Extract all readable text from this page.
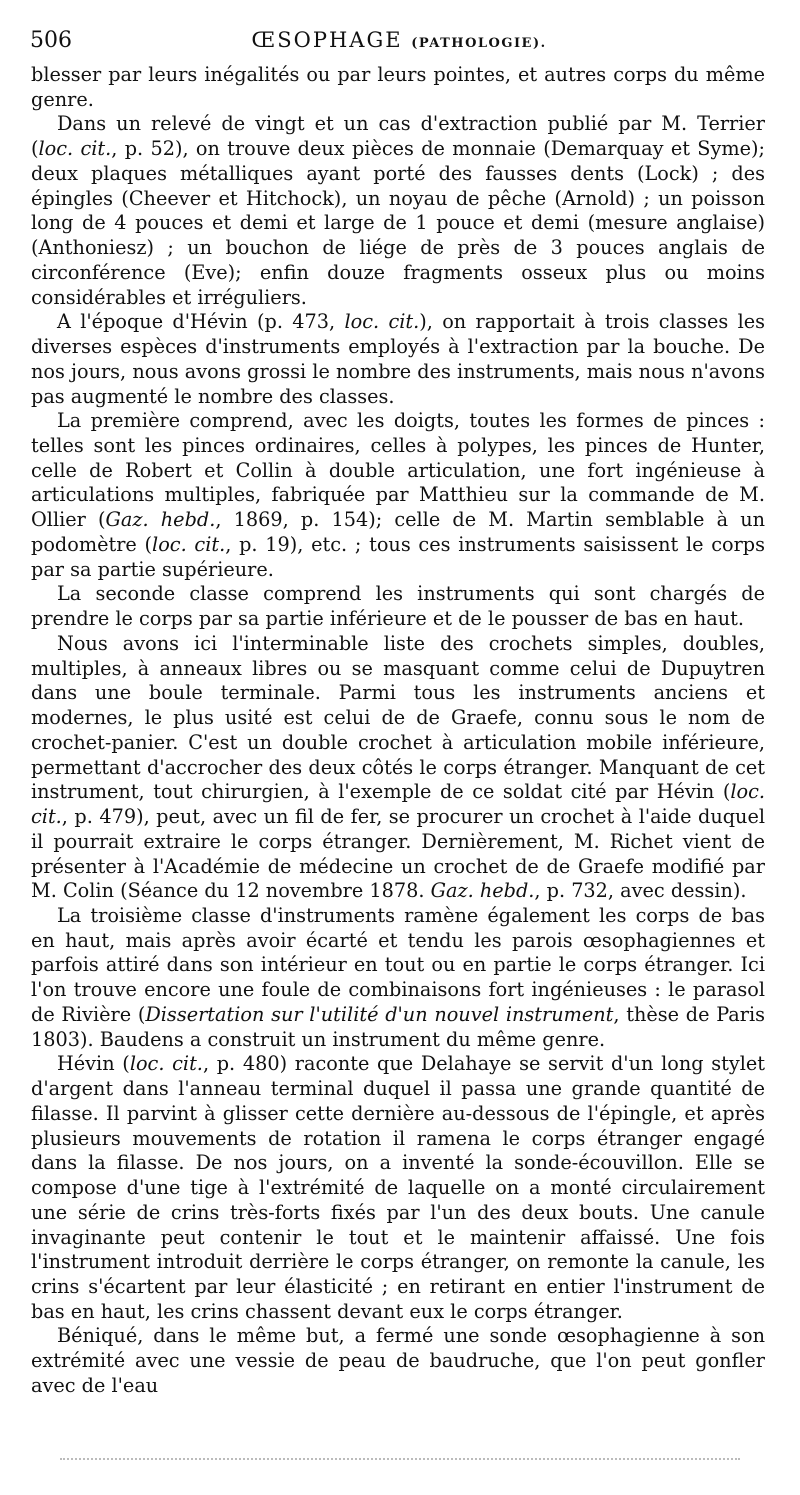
506	ŒSOPHAGE (PATHOLOGIE).

blesser par leurs inégalités ou par leurs pointes, et autres corps du même genre.

Dans un relevé de vingt et un cas d'extraction publié par M. Terrier (loc. cit., p. 52), on trouve deux pièces de monnaie (Demarquay et Syme); deux plaques métalliques ayant porté des fausses dents (Lock) ; des épingles (Cheever et Hitchock), un noyau de pêche (Arnold) ; un poisson long de 4 pouces et demi et large de 1 pouce et demi (mesure anglaise) (Anthoniesz) ; un bouchon de liége de près de 3 pouces anglais de circonférence (Eve); enfin douze fragments osseux plus ou moins considérables et irréguliers.

A l'époque d'Hévin (p. 473, loc. cit.), on rapportait à trois classes les diverses espèces d'instruments employés à l'extraction par la bouche. De nos jours, nous avons grossi le nombre des instruments, mais nous n'avons pas augmenté le nombre des classes.

La première comprend, avec les doigts, toutes les formes de pinces : telles sont les pinces ordinaires, celles à polypes, les pinces de Hunter, celle de Robert et Collin à double articulation, une fort ingénieuse à articulations multiples, fabriquée par Matthieu sur la commande de M. Ollier (Gaz. hebd., 1869, p. 154); celle de M. Martin semblable à un podomètre (loc. cit., p. 19), etc. ; tous ces instruments saisissent le corps par sa partie supérieure.

La seconde classe comprend les instruments qui sont chargés de prendre le corps par sa partie inférieure et de le pousser de bas en haut.

Nous avons ici l'interminable liste des crochets simples, doubles, multiples, à anneaux libres ou se masquant comme celui de Dupuytren dans une boule terminale. Parmi tous les instruments anciens et modernes, le plus usité est celui de de Graefe, connu sous le nom de crochet-panier. C'est un double crochet à articulation mobile inférieure, permettant d'accrocher des deux côtés le corps étranger. Manquant de cet instrument, tout chirurgien, à l'exemple de ce soldat cité par Hévin (loc. cit., p. 479), peut, avec un fil de fer, se procurer un crochet à l'aide duquel il pourrait extraire le corps étranger. Dernièrement, M. Richet vient de présenter à l'Académie de médecine un crochet de de Graefe modifié par M. Colin (Séance du 12 novembre 1878. Gaz. hebd., p. 732, avec dessin).

La troisième classe d'instruments ramène également les corps de bas en haut, mais après avoir écarté et tendu les parois œsophagiennes et parfois attiré dans son intérieur en tout ou en partie le corps étranger. Ici l'on trouve encore une foule de combinaisons fort ingénieuses : le parasol de Rivière (Dissertation sur l'utilité d'un nouvel instrument, thèse de Paris 1803). Baudens a construit un instrument du même genre.

Hévin (loc. cit., p. 480) raconte que Delahaye se servit d'un long stylet d'argent dans l'anneau terminal duquel il passa une grande quantité de filasse. Il parvint à glisser cette dernière au-dessous de l'épingle, et après plusieurs mouvements de rotation il ramena le corps étranger engagé dans la filasse. De nos jours, on a inventé la sonde-écouvillon. Elle se compose d'une tige à l'extrémité de laquelle on a monté circulairement une série de crins très-forts fixés par l'un des deux bouts. Une canule invaginante peut contenir le tout et le maintenir affaissé. Une fois l'instrument introduit derrière le corps étranger, on remonte la canule, les crins s'écartent par leur élasticité ; en retirant en entier l'instrument de bas en haut, les crins chassent devant eux le corps étranger.

Béniqué, dans le même but, a fermé une sonde œsophagienne à son extrémité avec une vessie de peau de baudruche, que l'on peut gonfler avec de l'eau
